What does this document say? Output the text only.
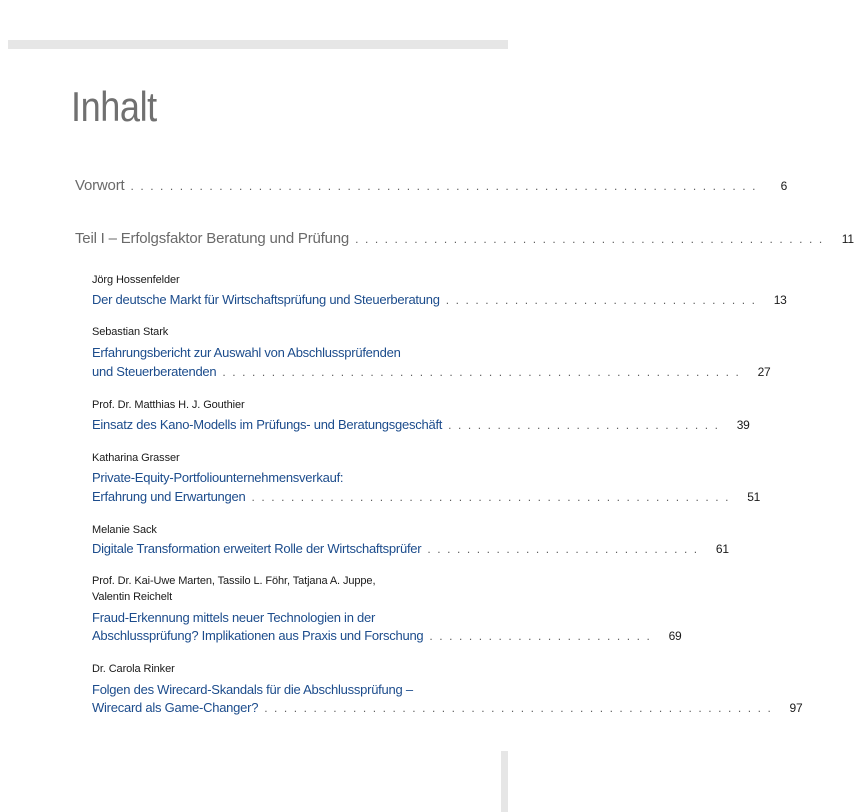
Inhalt
Vorwort . . . . . . . . . . . . . . . . . . . . . . . . . . . . . . . . . . . . . . . . . . . . . . . . . . . . . . . . . . . . . . . .	6
Teil I – Erfolgsfaktor Beratung und Prüfung . . . . . . . . . . . . . . . . . . . . . . . . . . . . . . . . . . . . . . . . . . . . . . . .	11
Jörg Hossenfelder
Der deutsche Markt für Wirtschaftsprüfung und Steuerberatung . . . . . . . . . . . . . . . . . . . . . . . . . . . . . . . .	13
Sebastian Stark
Erfahrungsbericht zur Auswahl von Abschlussprüfenden
und Steuerberatenden . . . . . . . . . . . . . . . . . . . . . . . . . . . . . . . . . . . . . . . . . . . . . . . . . . . . .	27
Prof. Dr. Matthias H. J. Gouthier
Einsatz des Kano-Modells im Prüfungs- und Beratungsgeschäft . . . . . . . . . . . . . . . . . . . . . . . . . . . .	39
Katharina Grasser
Private-Equity-Portfoliounternehmensverkauf:
Erfahrung und Erwartungen . . . . . . . . . . . . . . . . . . . . . . . . . . . . . . . . . . . . . . . . . . . . . . . . .	51
Melanie Sack
Digitale Transformation erweitert Rolle der Wirtschaftsprüfer . . . . . . . . . . . . . . . . . . . . . . . . . . . .	61
Prof. Dr. Kai-Uwe Marten, Tassilo L. Föhr, Tatjana A. Juppe,
Valentin Reichelt
Fraud-Erkennung mittels neuer Technologien in der
Abschlussprüfung? Implikationen aus Praxis und Forschung . . . . . . . . . . . . . . . . . . . . . . .	69
Dr. Carola Rinker
Folgen des Wirecard-Skandals für die Abschlussprüfung –
Wirecard als Game-Changer? . . . . . . . . . . . . . . . . . . . . . . . . . . . . . . . . . . . . . . . . . . . . . . . . . . . .	97
